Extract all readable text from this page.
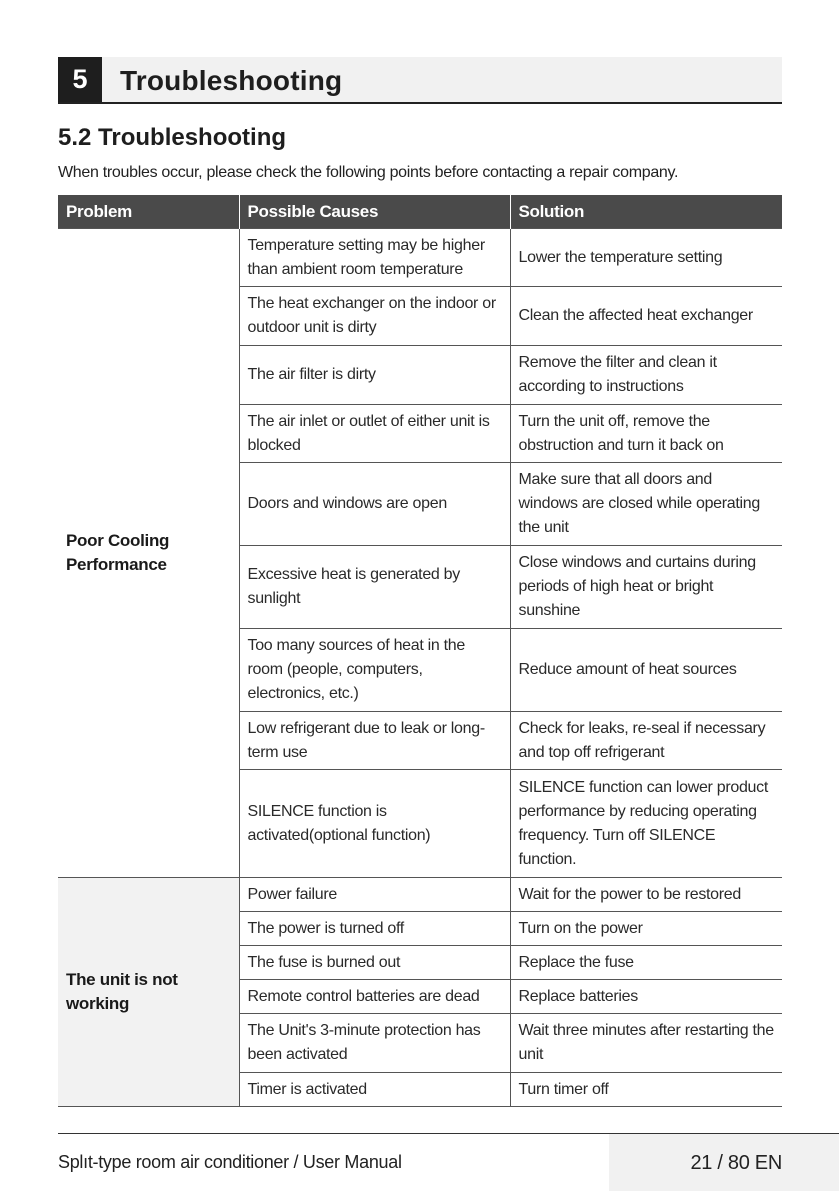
5	Troubleshooting
5.2 Troubleshooting
When troubles occur, please check the following points before contacting a repair company.
Problem	Possible Causes	Solution
Poor Cooling Performance	Temperature setting may be higher than ambient room temperature	Lower the temperature setting
	The heat exchanger on the indoor or outdoor unit is dirty	Clean the affected heat exchanger
	The air filter is dirty	Remove the filter and clean it according to instructions
	The air inlet or outlet of either unit is blocked	Turn the unit off, remove the obstruction and turn it back on
	Doors and windows are open	Make sure that all doors and windows are closed while operating the unit
	Excessive heat is generated by sunlight	Close windows and curtains during periods of high heat or bright sunshine
	Too many sources of heat in the room (people, computers, electronics, etc.)	Reduce amount of heat sources
	Low refrigerant due to leak or long-term use	Check for leaks, re-seal if necessary and top off refrigerant
	SILENCE function is activated(optional function)	SILENCE function can lower product performance by reducing operating frequency. Turn off SILENCE function.
The unit is not working	Power failure	Wait for the power to be restored
	The power is turned off	Turn on the power
	The fuse is burned out	Replace the fuse
	Remote control batteries are dead	Replace batteries
	The Unit's 3-minute protection has been activated	Wait three minutes after restarting the unit
	Timer is activated	Turn timer off
Splıt-type room air conditioner / User Manual	21 / 80 EN
